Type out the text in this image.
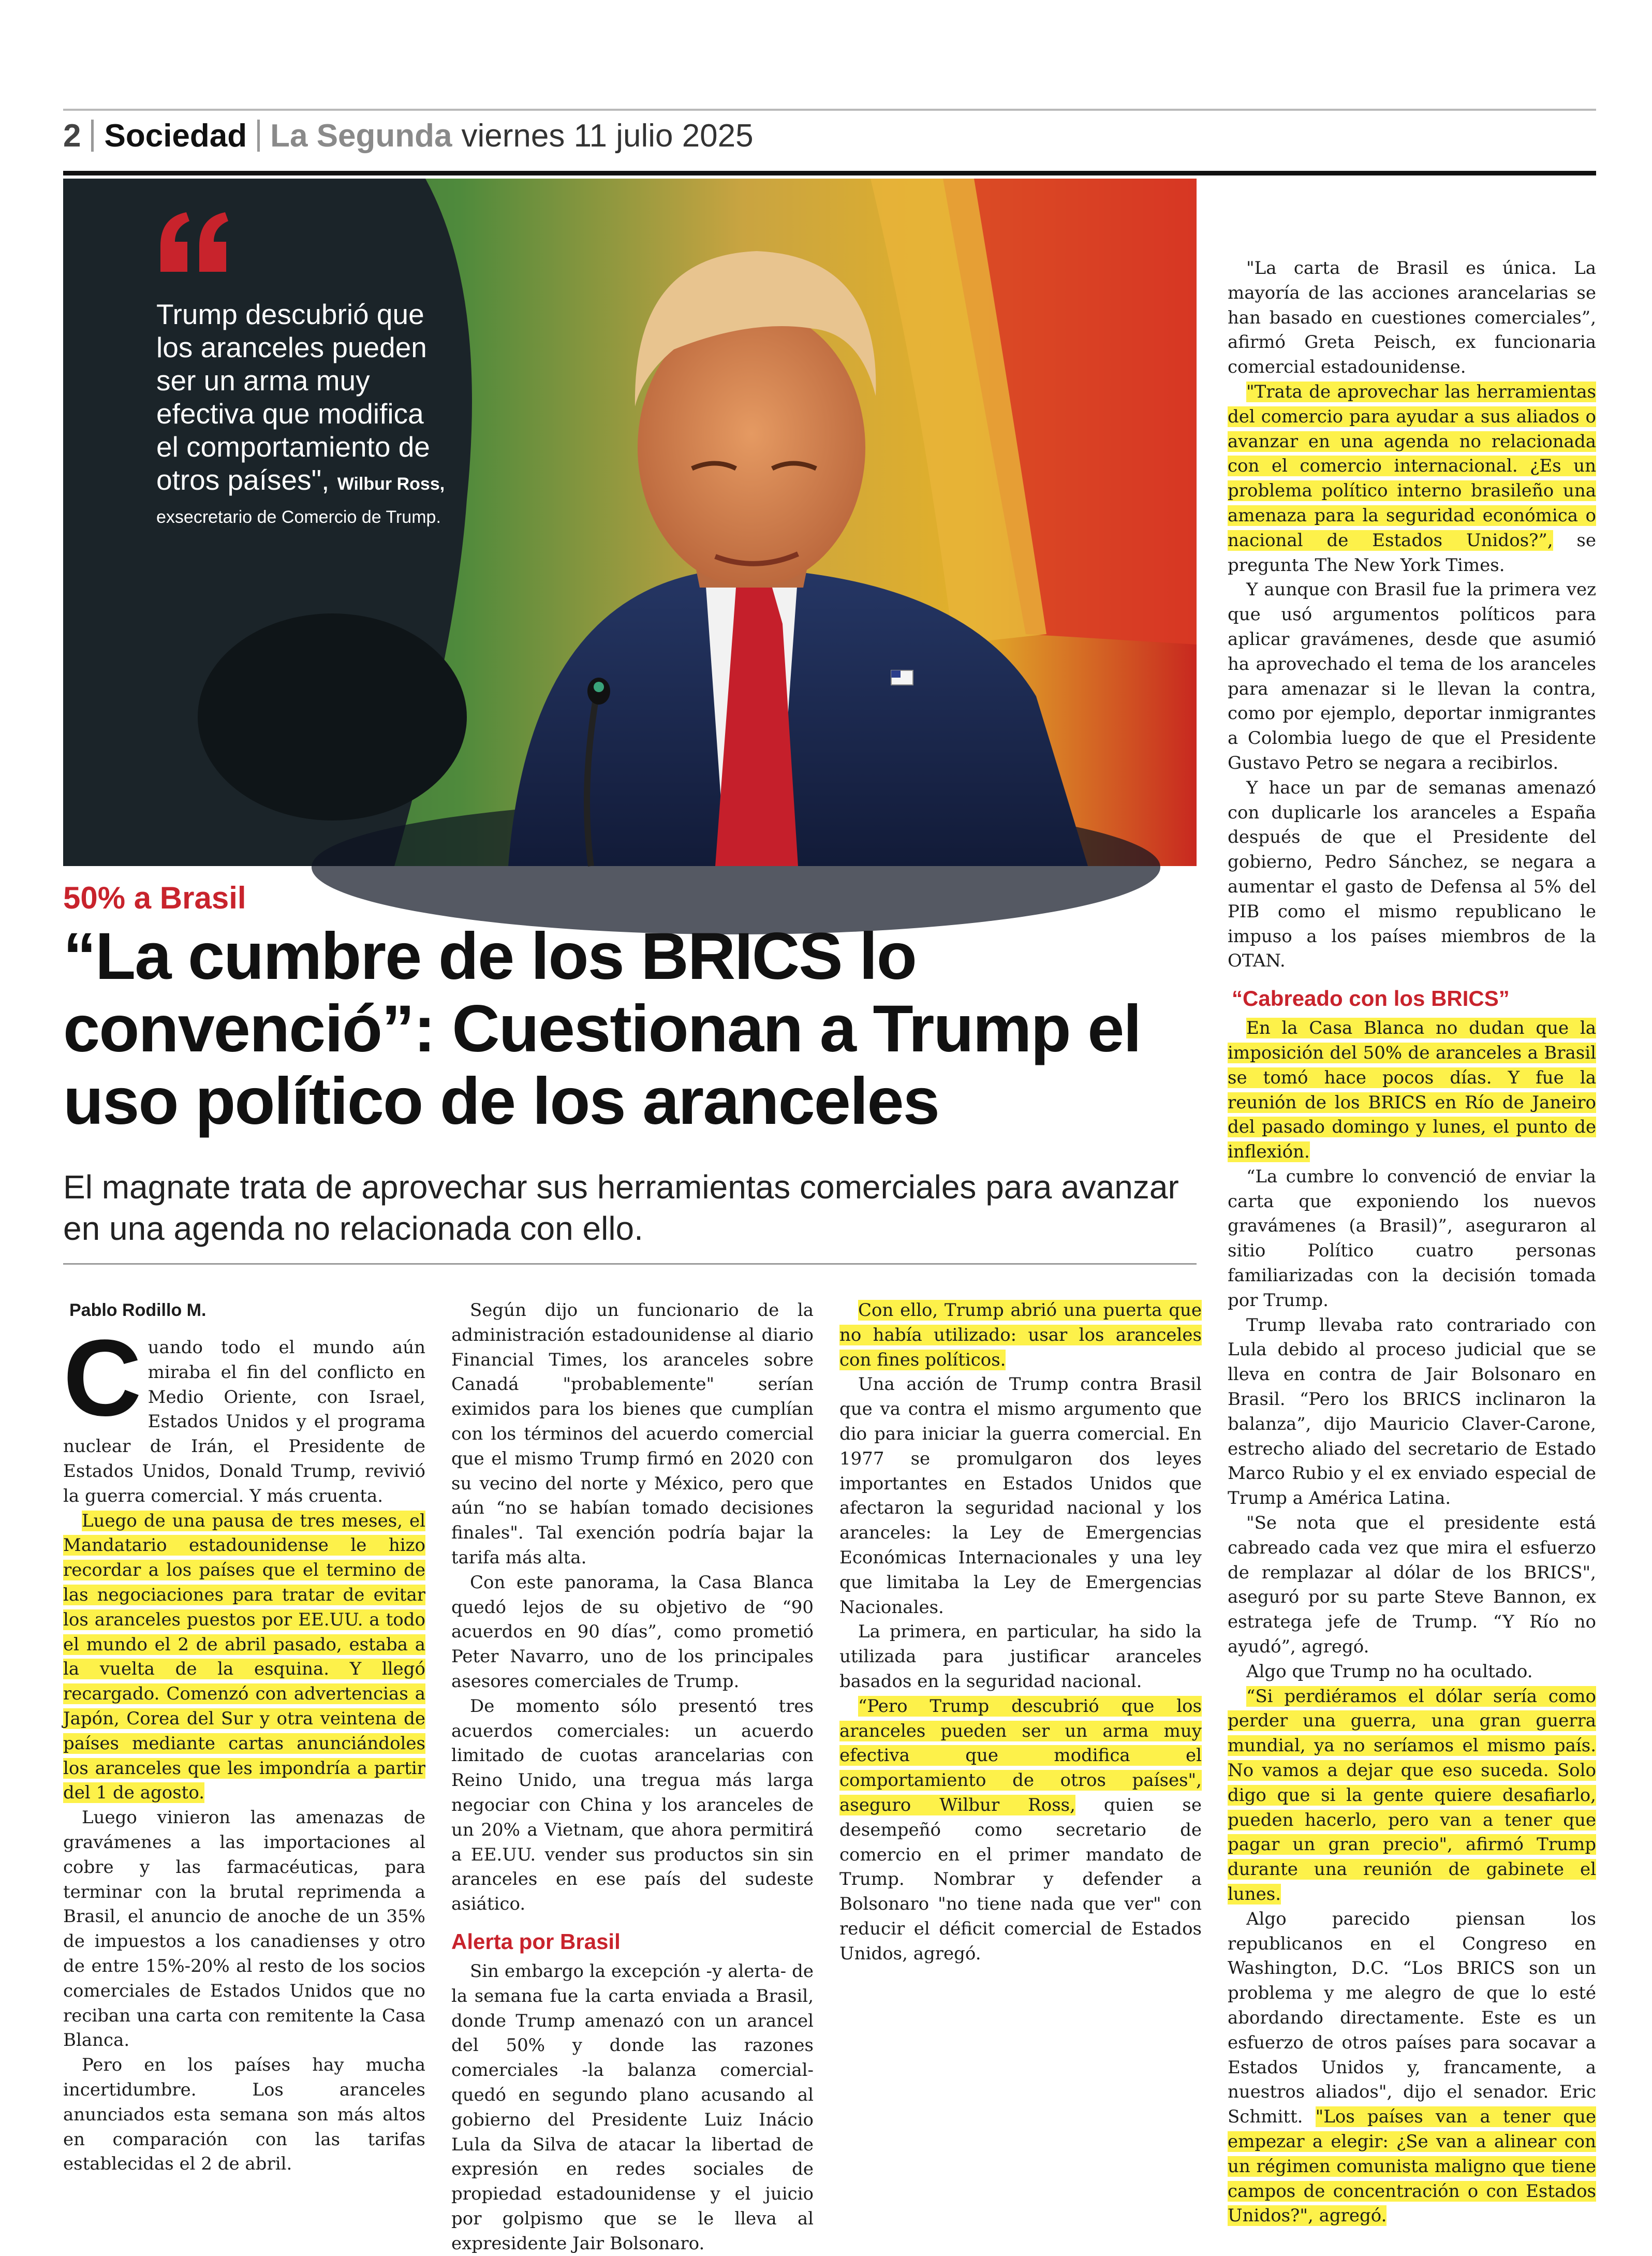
2 Sociedad La Segunda viernes 11 julio 2025
Trump descubrió que los aranceles pueden ser un arma muy efectiva que modifica el comportamiento de otros países", Wilbur Ross, exsecretario de Comercio de Trump.
50% a Brasil
“La cumbre de los BRICS lo convenció”: Cuestionan a Trump el uso político de los aranceles
El magnate trata de aprovechar sus herramientas comerciales para avanzar en una agenda no relacionada con ello.
Pablo Rodillo M.

Cuando todo el mundo aún miraba el fin del conflicto en Medio Oriente, con Israel, Estados Unidos y el programa nuclear de Irán, el Presidente de Estados Unidos, Donald Trump, revivió la guerra comercial. Y más cruenta.

Luego de una pausa de tres meses, el Mandatario estadounidense le hizo recordar a los países que el termino de las negociaciones para tratar de evitar los aranceles puestos por EE.UU. a todo el mundo el 2 de abril pasado, estaba a la vuelta de la esquina. Y llegó recargado. Comenzó con advertencias a Japón, Corea del Sur y otra veintena de países mediante cartas anunciándoles los aranceles que les impondría a partir del 1 de agosto.

Luego vinieron las amenazas de gravámenes a las importaciones al cobre y las farmacéuticas, para terminar con la brutal reprimenda a Brasil, el anuncio de anoche de un 35% de impuestos a los canadienses y otro de entre 15%-20% al resto de los socios comerciales de Estados Unidos que no reciban una carta con remitente la Casa Blanca.

Pero en los países hay mucha incertidumbre. Los aranceles anunciados esta semana son más altos en comparación con las tarifas establecidas el 2 de abril.

Según dijo un funcionario de la administración estadounidense al diario Financial Times, los aranceles sobre Canadá "probablemente" serían eximidos para los bienes que cumplían con los términos del acuerdo comercial que el mismo Trump firmó en 2020 con su vecino del norte y México, pero que aún “no se habían tomado decisiones finales". Tal exención podría bajar la tarifa más alta.

Con este panorama, la Casa Blanca quedó lejos de su objetivo de “90 acuerdos en 90 días”, como prometió Peter Navarro, uno de los principales asesores comerciales de Trump.

De momento sólo presentó tres acuerdos comerciales: un acuerdo limitado de cuotas arancelarias con Reino Unido, una tregua más larga negociar con China y los aranceles de un 20% a Vietnam, que ahora permitirá a EE.UU. vender sus productos sin sin aranceles en ese país del sudeste asiático.

Alerta por Brasil

Sin embargo la excepción -y alerta- de la semana fue la carta enviada a Brasil, donde Trump amenazó con un arancel del 50% y donde las razones comerciales -la balanza comercial- quedó en segundo plano acusando al gobierno del Presidente Luiz Inácio Lula da Silva de atacar la libertad de expresión en redes sociales de propiedad estadounidense y el juicio por golpismo que se le lleva al expresidente Jair Bolsonaro.

Con ello, Trump abrió una puerta que no había utilizado: usar los aranceles con fines políticos.

Una acción de Trump contra Brasil que va contra el mismo argumento que dio para iniciar la guerra comercial. En 1977 se promulgaron dos leyes importantes en Estados Unidos que afectaron la seguridad nacional y los aranceles: la Ley de Emergencias Económicas Internacionales y una ley que limitaba la Ley de Emergencias Nacionales.

La primera, en particular, ha sido la utilizada para justificar aranceles basados en la seguridad nacional.

“Pero Trump descubrió que los aranceles pueden ser un arma muy efectiva que modifica el comportamiento de otros países", aseguro Wilbur Ross, quien se desempeñó como secretario de comercio en el primer mandato de Trump. Nombrar y defender a Bolsonaro "no tiene nada que ver" con reducir el déficit comercial de Estados Unidos, agregó.

"La carta de Brasil es única. La mayoría de las acciones arancelarias se han basado en cuestiones comerciales”, afirmó Greta Peisch, ex funcionaria comercial estadounidense.

"Trata de aprovechar las herramientas del comercio para ayudar a sus aliados o avanzar en una agenda no relacionada con el comercio internacional. ¿Es un problema político interno brasileño una amenaza para la seguridad económica o nacional de Estados Unidos?”, se pregunta The New York Times.

Y aunque con Brasil fue la primera vez que usó argumentos políticos para aplicar gravámenes, desde que asumió ha aprovechado el tema de los aranceles para amenazar si le llevan la contra, como por ejemplo, deportar inmigrantes a Colombia luego de que el Presidente Gustavo Petro se negara a recibirlos.

Y hace un par de semanas amenazó con duplicarle los aranceles a España después de que el Presidente del gobierno, Pedro Sánchez, se negara a aumentar el gasto de Defensa al 5% del PIB como el mismo republicano le impuso a los países miembros de la OTAN.

“Cabreado con los BRICS”

En la Casa Blanca no dudan que la imposición del 50% de aranceles a Brasil se tomó hace pocos días. Y fue la reunión de los BRICS en Río de Janeiro del pasado domingo y lunes, el punto de inflexión.

“La cumbre lo convenció de enviar la carta que exponiendo los nuevos gravámenes (a Brasil)”, aseguraron al sitio Político cuatro personas familiarizadas con la decisión tomada por Trump.

Trump llevaba rato contrariado con Lula debido al proceso judicial que se lleva en contra de Jair Bolsonaro en Brasil. “Pero los BRICS inclinaron la balanza”, dijo Mauricio Claver-Carone, estrecho aliado del secretario de Estado Marco Rubio y el ex enviado especial de Trump a América Latina.

"Se nota que el presidente está cabreado cada vez que mira el esfuerzo de remplazar al dólar de los BRICS", aseguró por su parte Steve Bannon, ex estratega jefe de Trump. “Y Río no ayudó”, agregó.

Algo que Trump no ha ocultado.

“Si perdiéramos el dólar sería como perder una guerra, una gran guerra mundial, ya no seríamos el mismo país. No vamos a dejar que eso suceda. Solo digo que si la gente quiere desafiarlo, pueden hacerlo, pero van a tener que pagar un gran precio", afirmó Trump durante una reunión de gabinete el lunes.

Algo parecido piensan los republicanos en el Congreso en Washington, D.C. “Los BRICS son un problema y me alegro de que lo esté abordando directamente. Este es un esfuerzo de otros países para socavar a Estados Unidos y, francamente, a nuestros aliados", dijo el senador. Eric Schmitt. "Los países van a tener que empezar a elegir: ¿Se van a alinear con un régimen comunista maligno que tiene campos de concentración o con Estados Unidos?", agregó.
